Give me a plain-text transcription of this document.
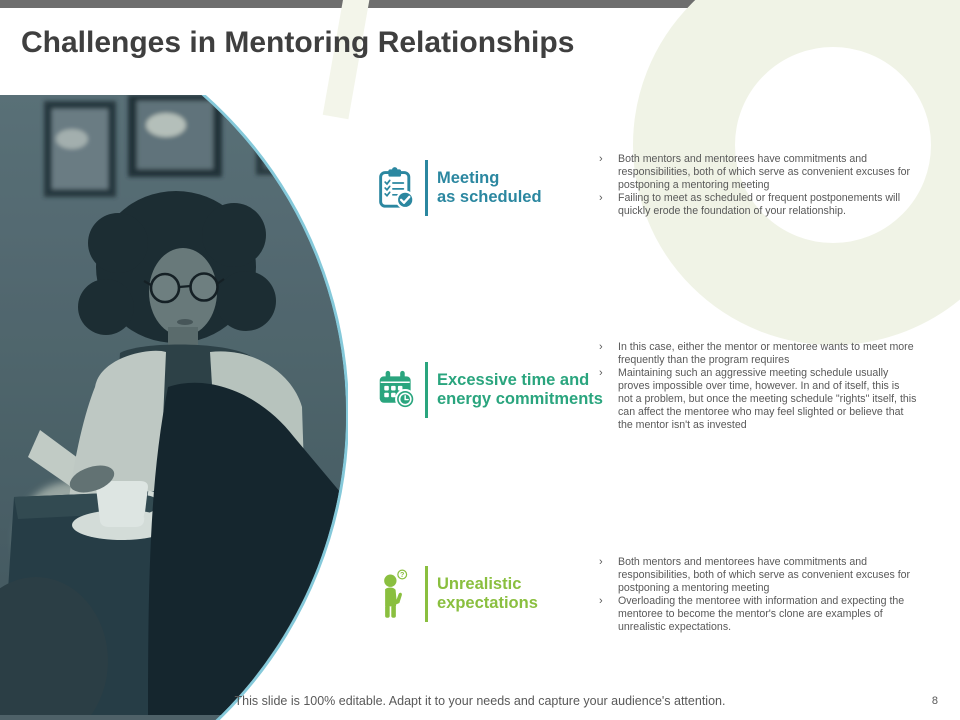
Challenges in Mentoring Relationships
Meeting
as scheduled
›	Both mentors and mentorees have commitments and responsibilities, both of which serve as convenient excuses for postponing a mentoring meeting
›	Failing to meet as scheduled or frequent postponements will quickly erode the foundation of your relationship.
Excessive time and
energy commitments
›	In this case, either the mentor or mentoree wants to meet more frequently than the program requires
›	Maintaining such an aggressive meeting schedule usually proves impossible over time, however. In and of itself, this is not a problem, but once the meeting schedule "rights" itself, this can affect the mentoree who may feel slighted or believe that the mentor isn't as invested
? Unrealistic
expectations
›	Both mentors and mentorees have commitments and responsibilities, both of which serve as convenient excuses for postponing a mentoring meeting
›	Overloading the mentoree with information and expecting the mentoree to become the mentor's clone are examples of unrealistic expectations.
This slide is 100% editable. Adapt it to your needs and capture your audience's attention.	8
